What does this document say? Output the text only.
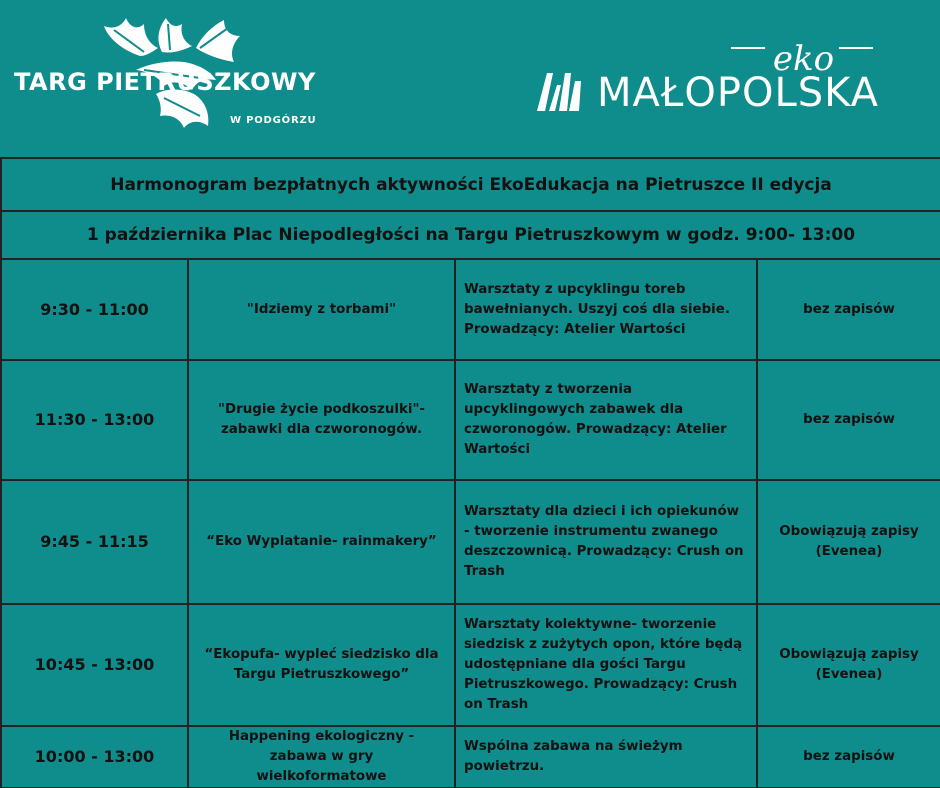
TARG PIETRUSZKOWY
W PODGÓRZU
eko
MAŁOPOLSKA
Harmonogram bezpłatnych aktywności EkoEdukacja na Pietruszce II edycja			
1 października Plac Niepodległości na Targu Pietruszkowym w godz. 9:00- 13:00			
9:30 - 11:00	"Idziemy z torbami"	Warsztaty z upcyklingu toreb bawełnianych. Uszyj coś dla siebie. Prowadzący: Atelier Wartości	bez zapisów
11:30 - 13:00	"Drugie życie podkoszulki"- zabawki dla czworonogów.	Warsztaty z tworzenia upcyklingowych zabawek dla czworonogów. Prowadzący: Atelier Wartości	bez zapisów
9:45 - 11:15	“Eko Wyplatanie- rainmakery”	Warsztaty dla dzieci i ich opiekunów - tworzenie instrumentu zwanego deszczownicą. Prowadzący: Crush on Trash	Obowiązują zapisy (Evenea)
10:45 - 13:00	“Ekopufa- wypleć siedzisko dla Targu Pietruszkowego”	Warsztaty kolektywne- tworzenie siedzisk z zużytych opon, które będą udostępniane dla gości Targu Pietruszkowego. Prowadzący: Crush on Trash	Obowiązują zapisy (Evenea)
10:00 - 13:00	Happening ekologiczny - zabawa w gry wielkoformatowe	Wspólna zabawa na świeżym powietrzu.	bez zapisów
